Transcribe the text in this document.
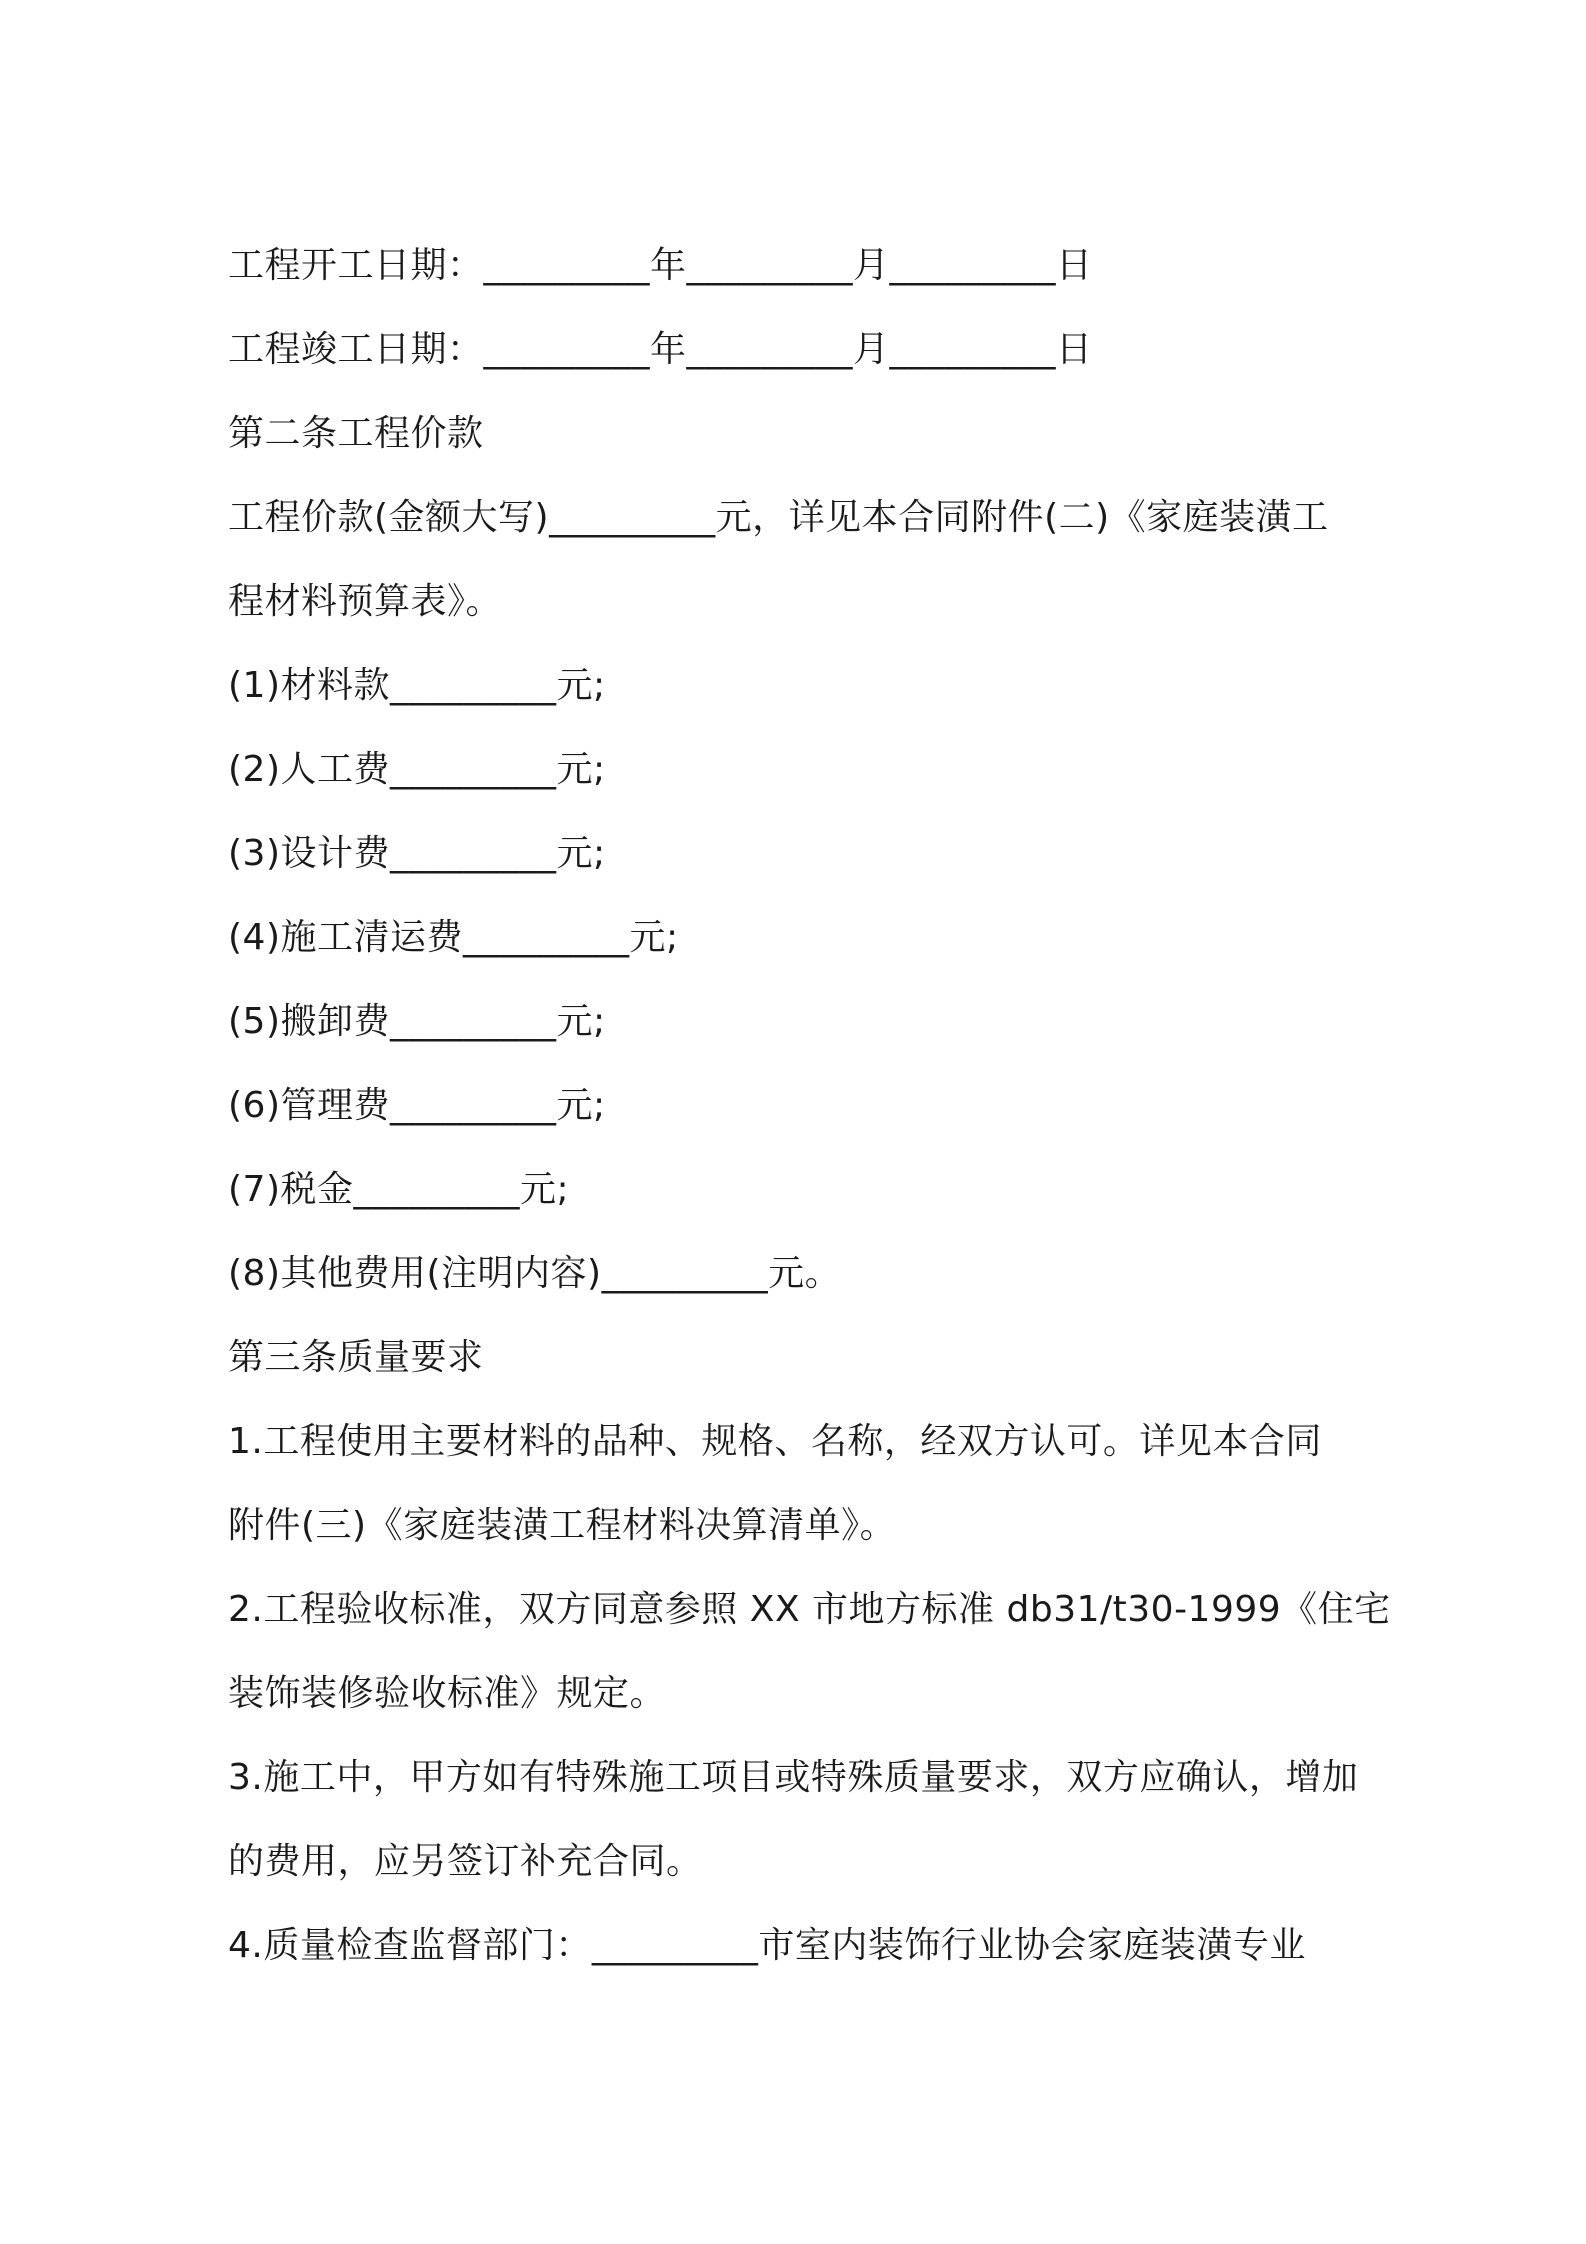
工程开工日期：_________年_________月_________日
工程竣工日期：_________年_________月_________日
第二条工程价款
工程价款(金额大写)_________元，详见本合同附件(二)《家庭装潢工
程材料预算表》。
(1)材料款_________元;
(2)人工费_________元;
(3)设计费_________元;
(4)施工清运费_________元;
(5)搬卸费_________元;
(6)管理费_________元;
(7)税金_________元;
(8)其他费用(注明内容)_________元。
第三条质量要求
1.工程使用主要材料的品种、规格、名称，经双方认可。详见本合同
附件(三)《家庭装潢工程材料决算清单》。
2.工程验收标准，双方同意参照 XX 市地方标准 db31/t30-1999《住宅
装饰装修验收标准》规定。
3.施工中，甲方如有特殊施工项目或特殊质量要求，双方应确认，增加
的费用，应另签订补充合同。
4.质量检查监督部门：_________市室内装饰行业协会家庭装潢专业
